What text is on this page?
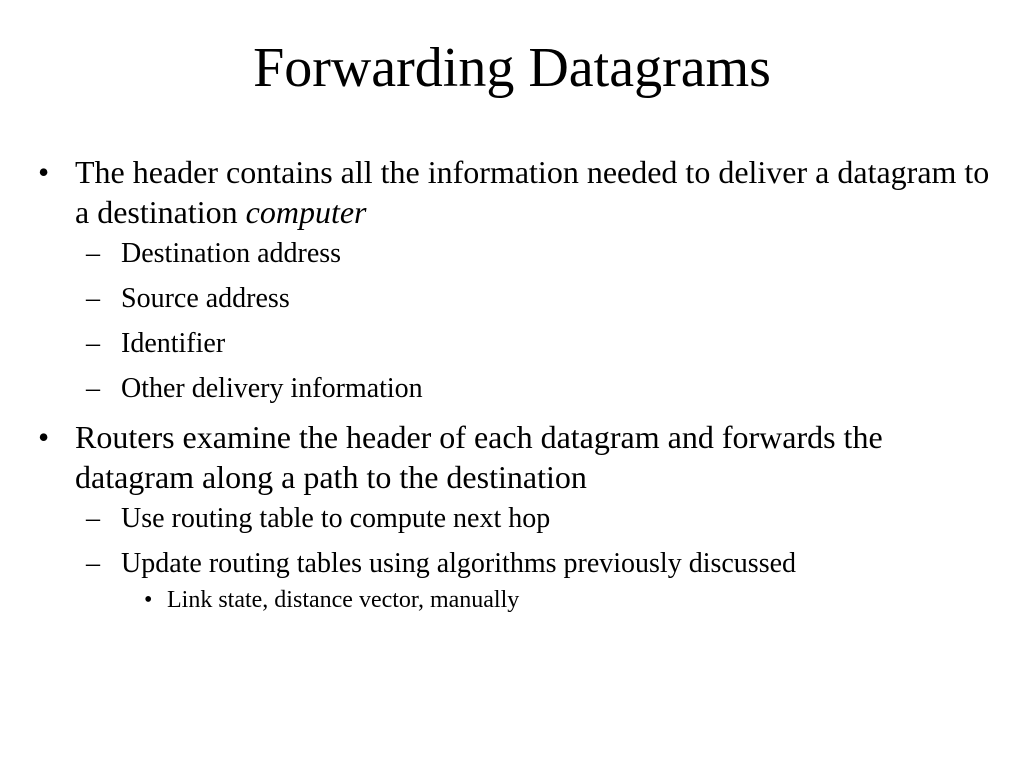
Forwarding Datagrams
• The header contains all the information needed to deliver a datagram to a destination computer
– Destination address
– Source address
– Identifier
– Other delivery information
• Routers examine the header of each datagram and forwards the datagram along a path to the destination
– Use routing table to compute next hop
– Update routing tables using algorithms previously discussed
• Link state, distance vector, manually
